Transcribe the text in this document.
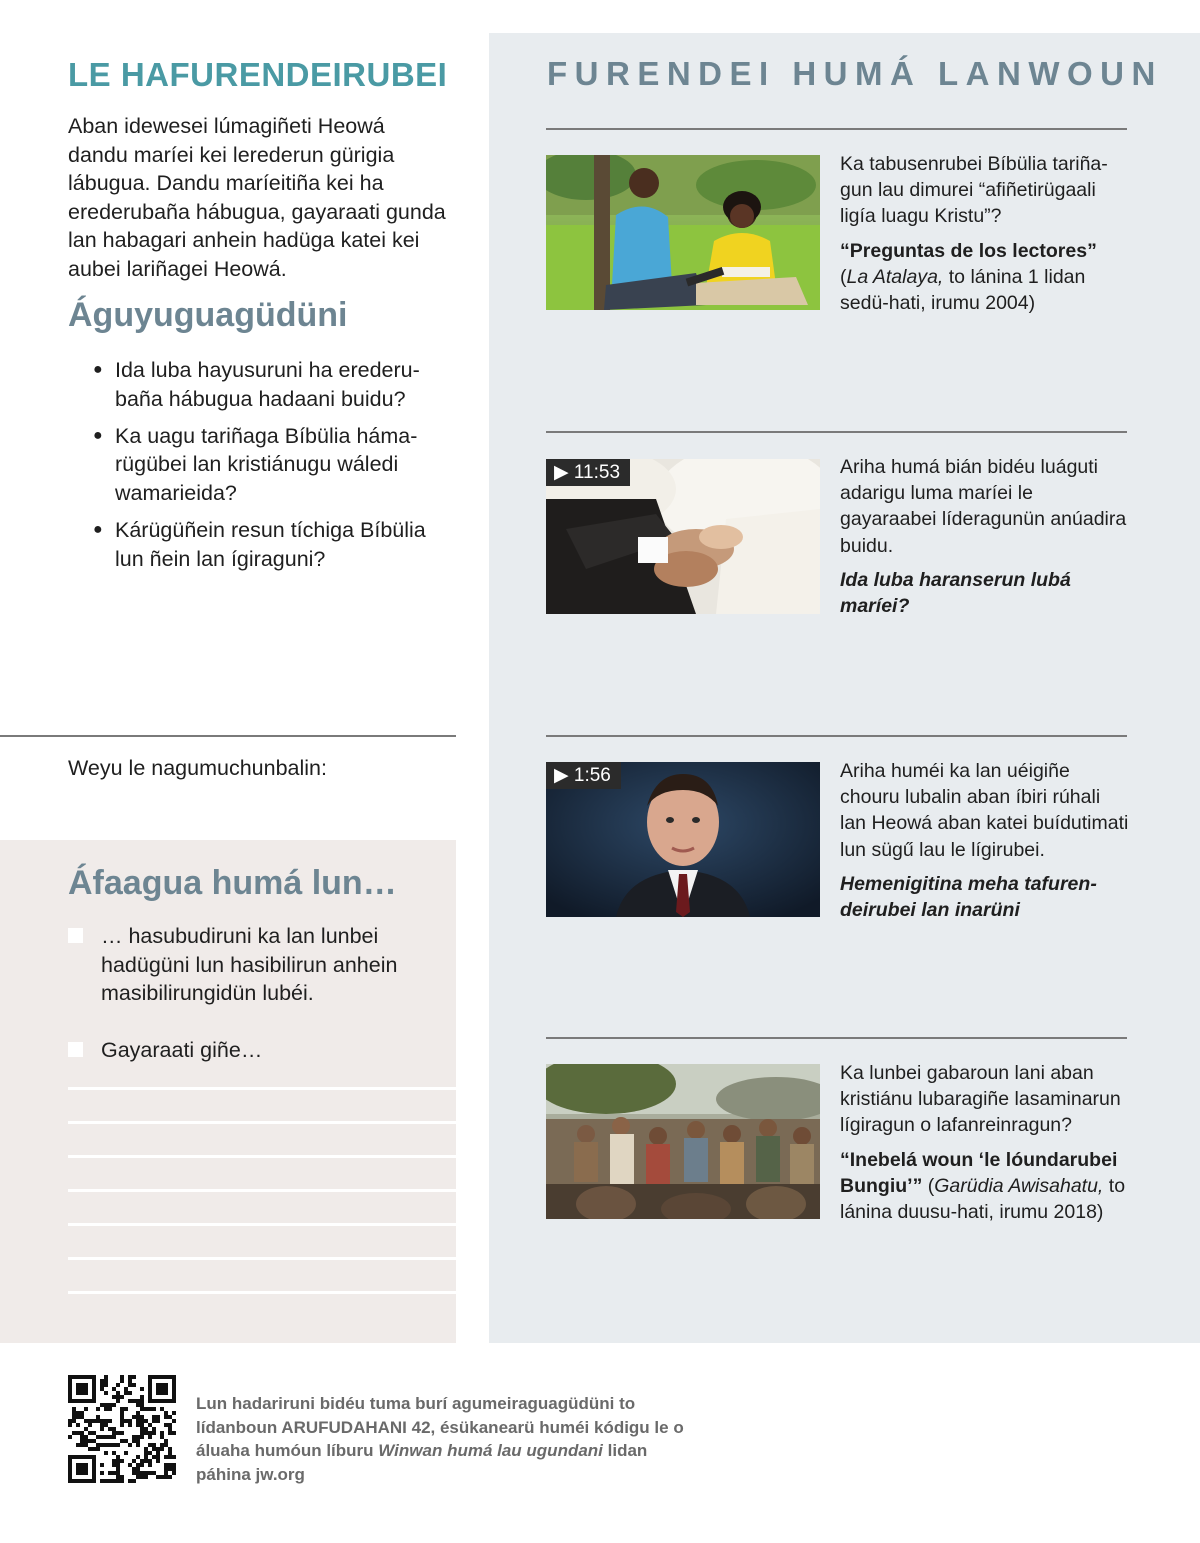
LE HAFURENDEIRUBEI

Aban idewesei lúmagiñeti Heowá dandu maríei kei lerederun gürigia lábugua. Dandu maríeitiña kei ha erederubaña hábugua, gayaraati gunda lan habagari anhein hadüga katei kei aubei lariñagei Heowá.

Águyuguagüdüni
● Ida luba hayusuruni ha erederubaña hábugua hadaani buidu?
● Ka uagu tariñaga Bíbülia hámarügübei lan kristiánugu wáledi wamarieida?
● Kárügüñein resun tíchiga Bíbülia lun ñein lan ígiraguni?
Weyu le nagumuchunbalin:
Áfaagua humá lun…
… hasubudiruni ka lan lunbei hadügüni lun hasibilirun anhein masibilirungidün lubéi.
Gayaraati giñe…
FURENDEI HUMÁ LANWOUN
Ka tabusenrubei Bíbülia tariñagun lau dimurei “afiñetirügaali ligía luagu Kristu”?
“Preguntas de los lectores” (La Atalaya, to lánina 1 lidan sedü-hati, irumu 2004)
▶ 11:53	Ariha humá bián bidéu luáguti adarigu luma maríei le gayaraabei líderagunün anúadira buidu.
Ida luba haranserun lubá maríei?
▶ 1:56	Ariha huméi ka lan uéigiñe chouru lubalin aban íbiri rúhali lan Heowá aban katei buídutimati lun sügű lau le lígirubei.
Hemenigitina meha tafurendeirubei lan inarüni
Ka lunbei gabaroun lani aban kristiánu lubaragiñe lasaminarun lígiragun o lafanreinragun?
“Inebelá woun ‘le lóundarubei Bungiu’” (Garüdia Awisahatu, to lánina duusu-hati, irumu 2018)
Lun hadariruni bidéu tuma burí agumeiraguagüdüni to lídanboun ARUFUDAHANI 42, ésükanearü huméi kódigu le o áluaha humóun líburu Winwan humá lau ugundani lidan páhina jw.org
